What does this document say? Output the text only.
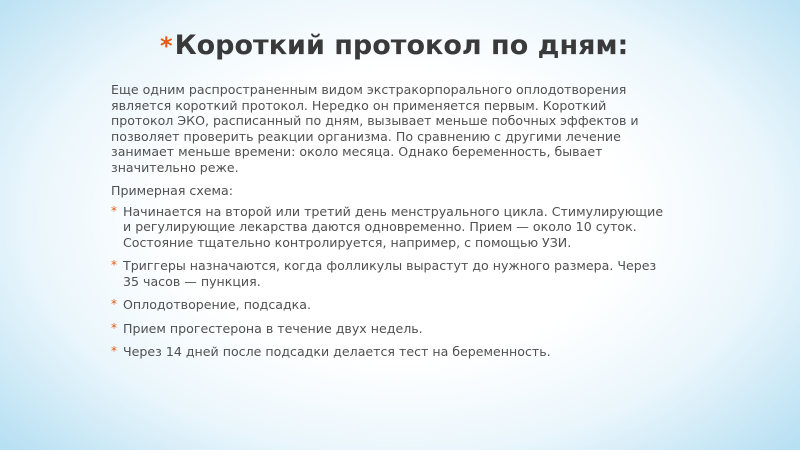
*Короткий протокол по дням:

Еще одним распространенным видом экстракорпорального оплодотворения является короткий протокол. Нередко он применяется первым. Короткий протокол ЭКО, расписанный по дням, вызывает меньше побочных эффектов и позволяет проверить реакции организма. По сравнению с другими лечение занимает меньше времени: около месяца. Однако беременность, бывает значительно реже.

Примерная схема:

* Начинается на второй или третий день менструального цикла. Стимулирующие и регулирующие лекарства даются одновременно. Прием — около 10 суток. Состояние тщательно контролируется, например, с помощью УЗИ.
* Триггеры назначаются, когда фолликулы вырастут до нужного размера. Через 35 часов — пункция.
* Оплодотворение, подсадка.
* Прием прогестерона в течение двух недель.
* Через 14 дней после подсадки делается тест на беременность.
